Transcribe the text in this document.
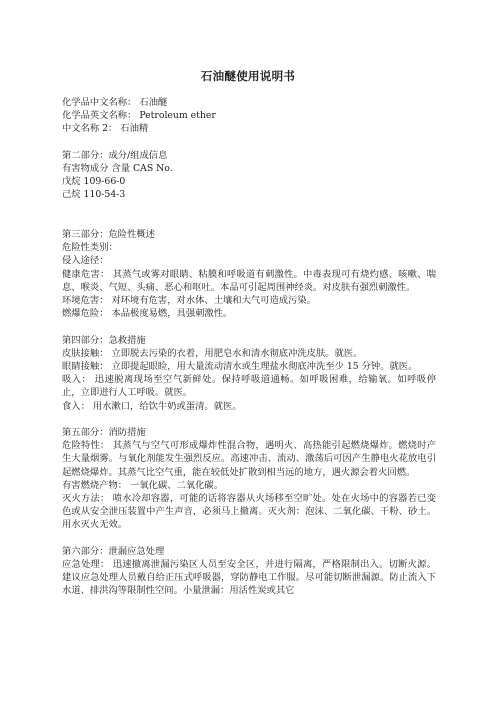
石油醚使用说明书
化学品中文名称： 石油醚
化学品英文名称： Petroleum ether
中文名称 2： 石油精
第二部分：成分/组成信息
有害物成分 含量 CAS No.
戊烷 109-66-0
己烷 110-54-3
第三部分：危险性概述
危险性类别：
侵入途径：
健康危害： 其蒸气或雾对眼睛、粘膜和呼吸道有刺激性。中毒表现可有烧灼感、咳嗽、喘息、喉炎、气短、头痛、恶心和呕吐。本品可引起周围神经炎。对皮肤有强烈刺激性。
环境危害： 对环境有危害，对水体、土壤和大气可造成污染。
燃爆危险： 本品极度易燃，具强刺激性。
第四部分：急救措施
皮肤接触： 立即脱去污染的衣着，用肥皂水和清水彻底冲洗皮肤。就医。
眼睛接触： 立即提起眼睑，用大量流动清水或生理盐水彻底冲洗至少 15 分钟。就医。
吸入： 迅速脱离现场至空气新鲜处。保持呼吸道通畅。如呼吸困难，给输氧。如呼吸停止，立即进行人工呼吸。就医。
食入： 用水漱口，给饮牛奶或蛋清。就医。
第五部分：消防措施
危险特性： 其蒸气与空气可形成爆炸性混合物，遇明火、高热能引起燃烧爆炸。燃烧时产生大量烟雾。与氧化剂能发生强烈反应。高速冲击、流动、激荡后可因产生静电火花放电引起燃烧爆炸。其蒸气比空气重，能在较低处扩散到相当远的地方，遇火源会着火回燃。
有害燃烧产物： 一氧化碳、二氧化碳。
灭火方法： 喷水冷却容器，可能的话将容器从火场移至空旷处。处在火场中的容器若已变色或从安全泄压装置中产生声音，必须马上撤离。灭火剂：泡沫、二氧化碳、干粉、砂土。用水灭火无效。
第六部分：泄漏应急处理
应急处理： 迅速撤离泄漏污染区人员至安全区，并进行隔离，严格限制出入。切断火源。建议应急处理人员戴自给正压式呼吸器，穿防静电工作服。尽可能切断泄漏源。防止流入下水道、排洪沟等限制性空间。小量泄漏：用活性炭或其它
